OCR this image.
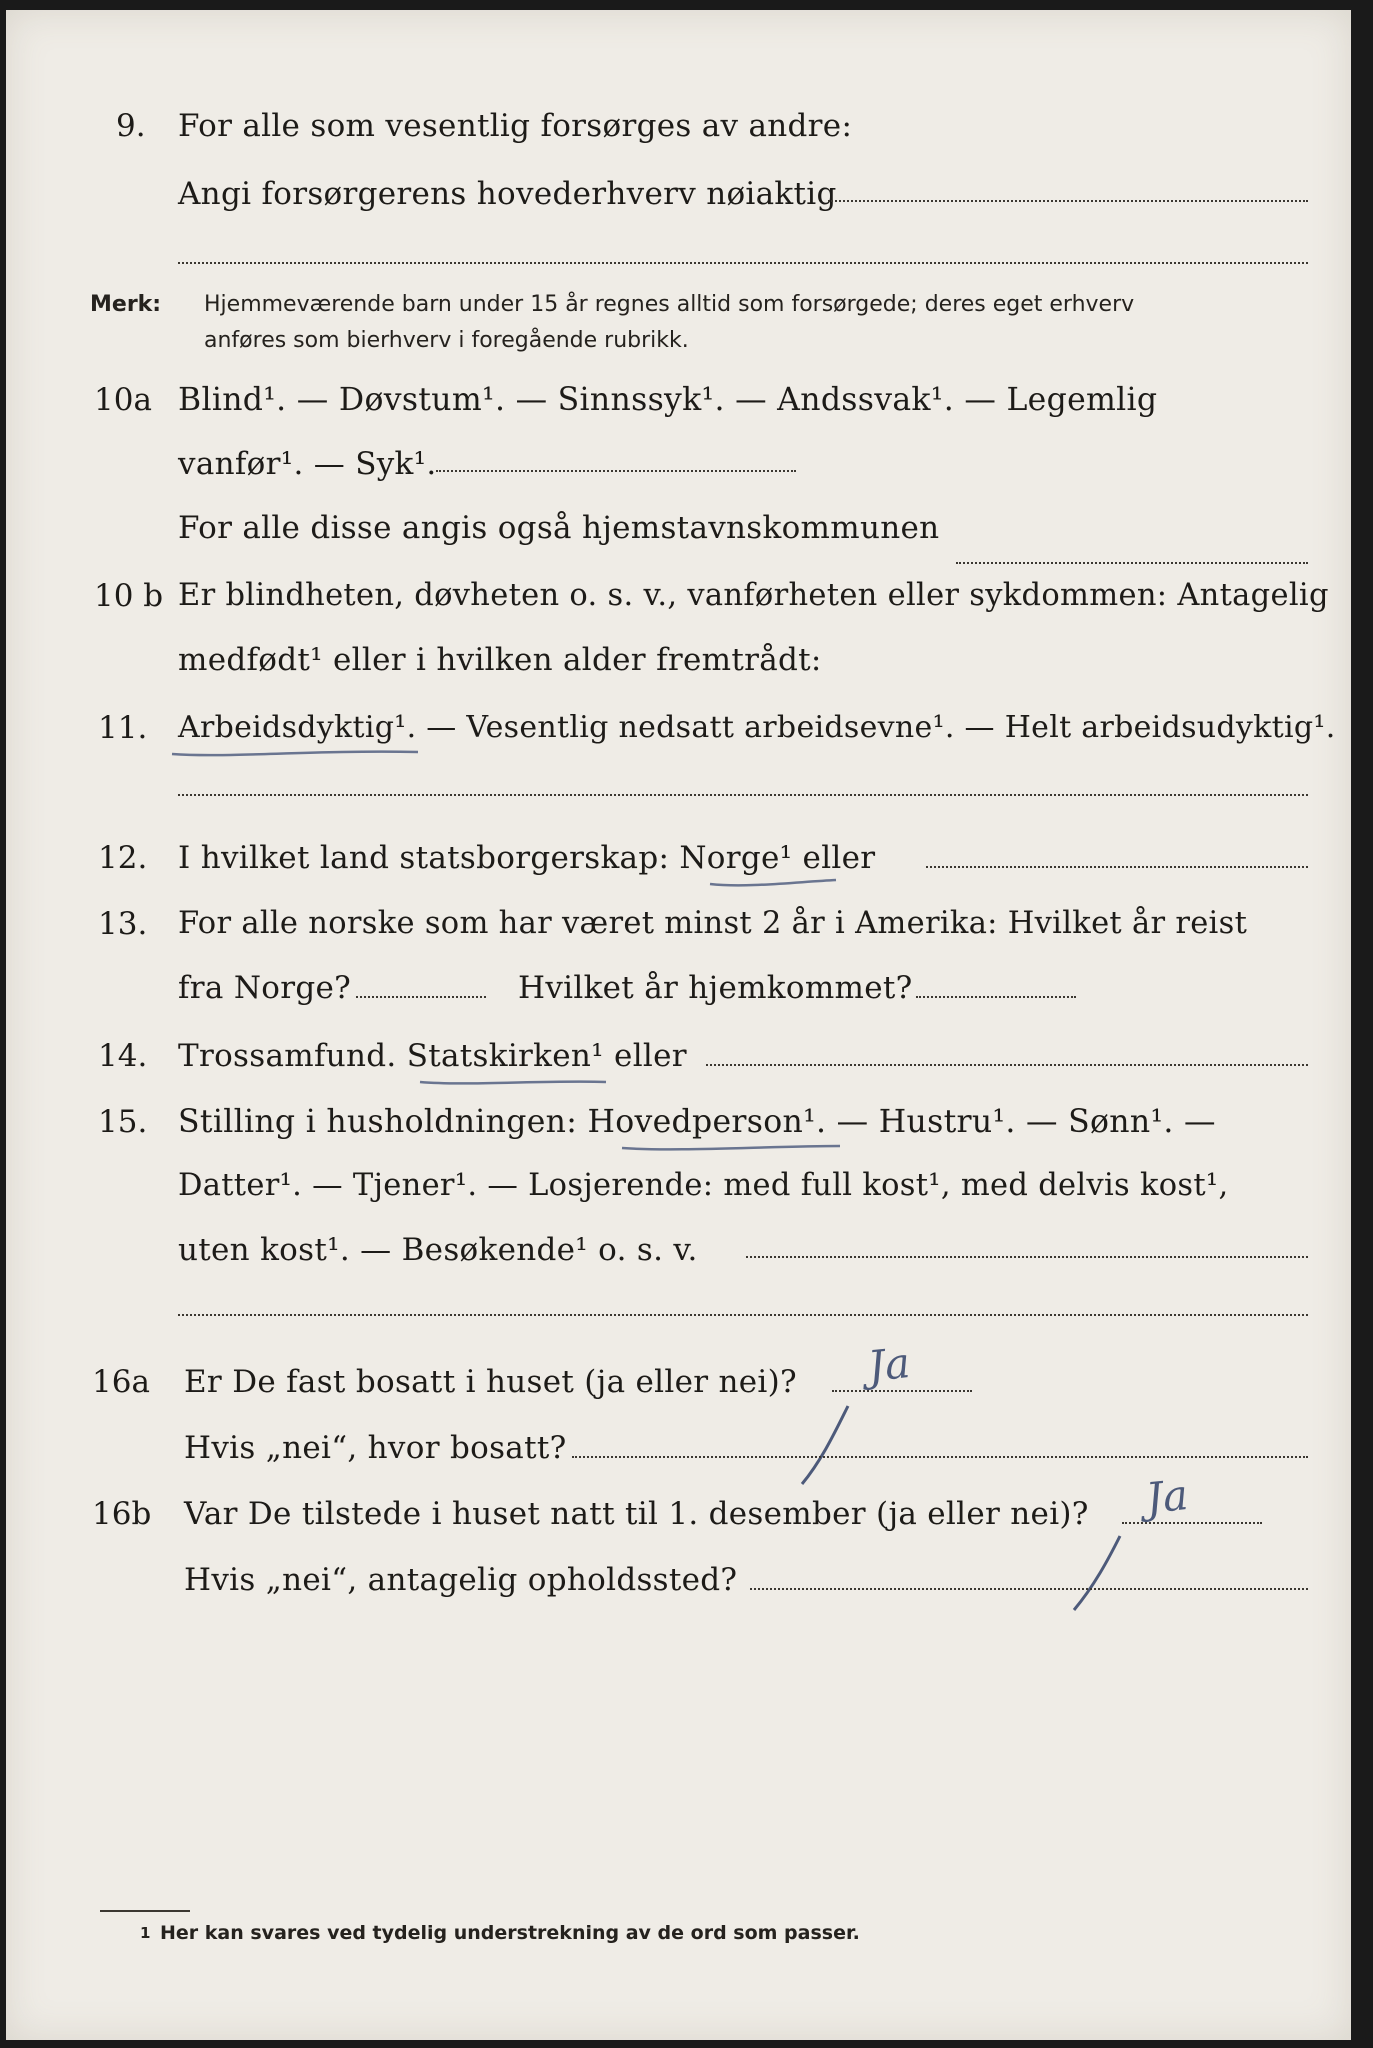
9. For alle som vesentlig forsørges av andre:
Angi forsørgerens hovederhverv nøiaktig
Merk: Hjemmeværende barn under 15 år regnes alltid som forsørgede; deres eget erhverv
anføres som bierhverv i foregående rubrikk.
10a Blind¹. — Døvstum¹. — Sinnssyk¹. — Andssvak¹. — Legemlig
vanfør¹. — Syk¹.
For alle disse angis også hjemstavnskommunen
10 b Er blindheten, døvheten o. s. v., vanførheten eller sykdommen: Antagelig
medfødt¹ eller i hvilken alder fremtrådt:
11. Arbeidsdyktig¹. — Vesentlig nedsatt arbeidsevne¹. — Helt arbeidsudyktig¹.
12. I hvilket land statsborgerskap: Norge¹ eller
13. For alle norske som har været minst 2 år i Amerika: Hvilket år reist
fra Norge?	Hvilket år hjemkommet?
14. Trossamfund. Statskirken¹ eller
15. Stilling i husholdningen: Hovedperson¹. — Hustru¹. — Sønn¹. —
Datter¹. — Tjener¹. — Losjerende: med full kost¹, med delvis kost¹,
uten kost¹. — Besøkende¹ o. s. v.
16a Er De fast bosatt i huset (ja eller nei)? Ja
Hvis „nei“, hvor bosatt?
16b Var De tilstede i huset natt til 1. desember (ja eller nei)? Ja
Hvis „nei“, antagelig opholdssted?
1 Her kan svares ved tydelig understrekning av de ord som passer.
